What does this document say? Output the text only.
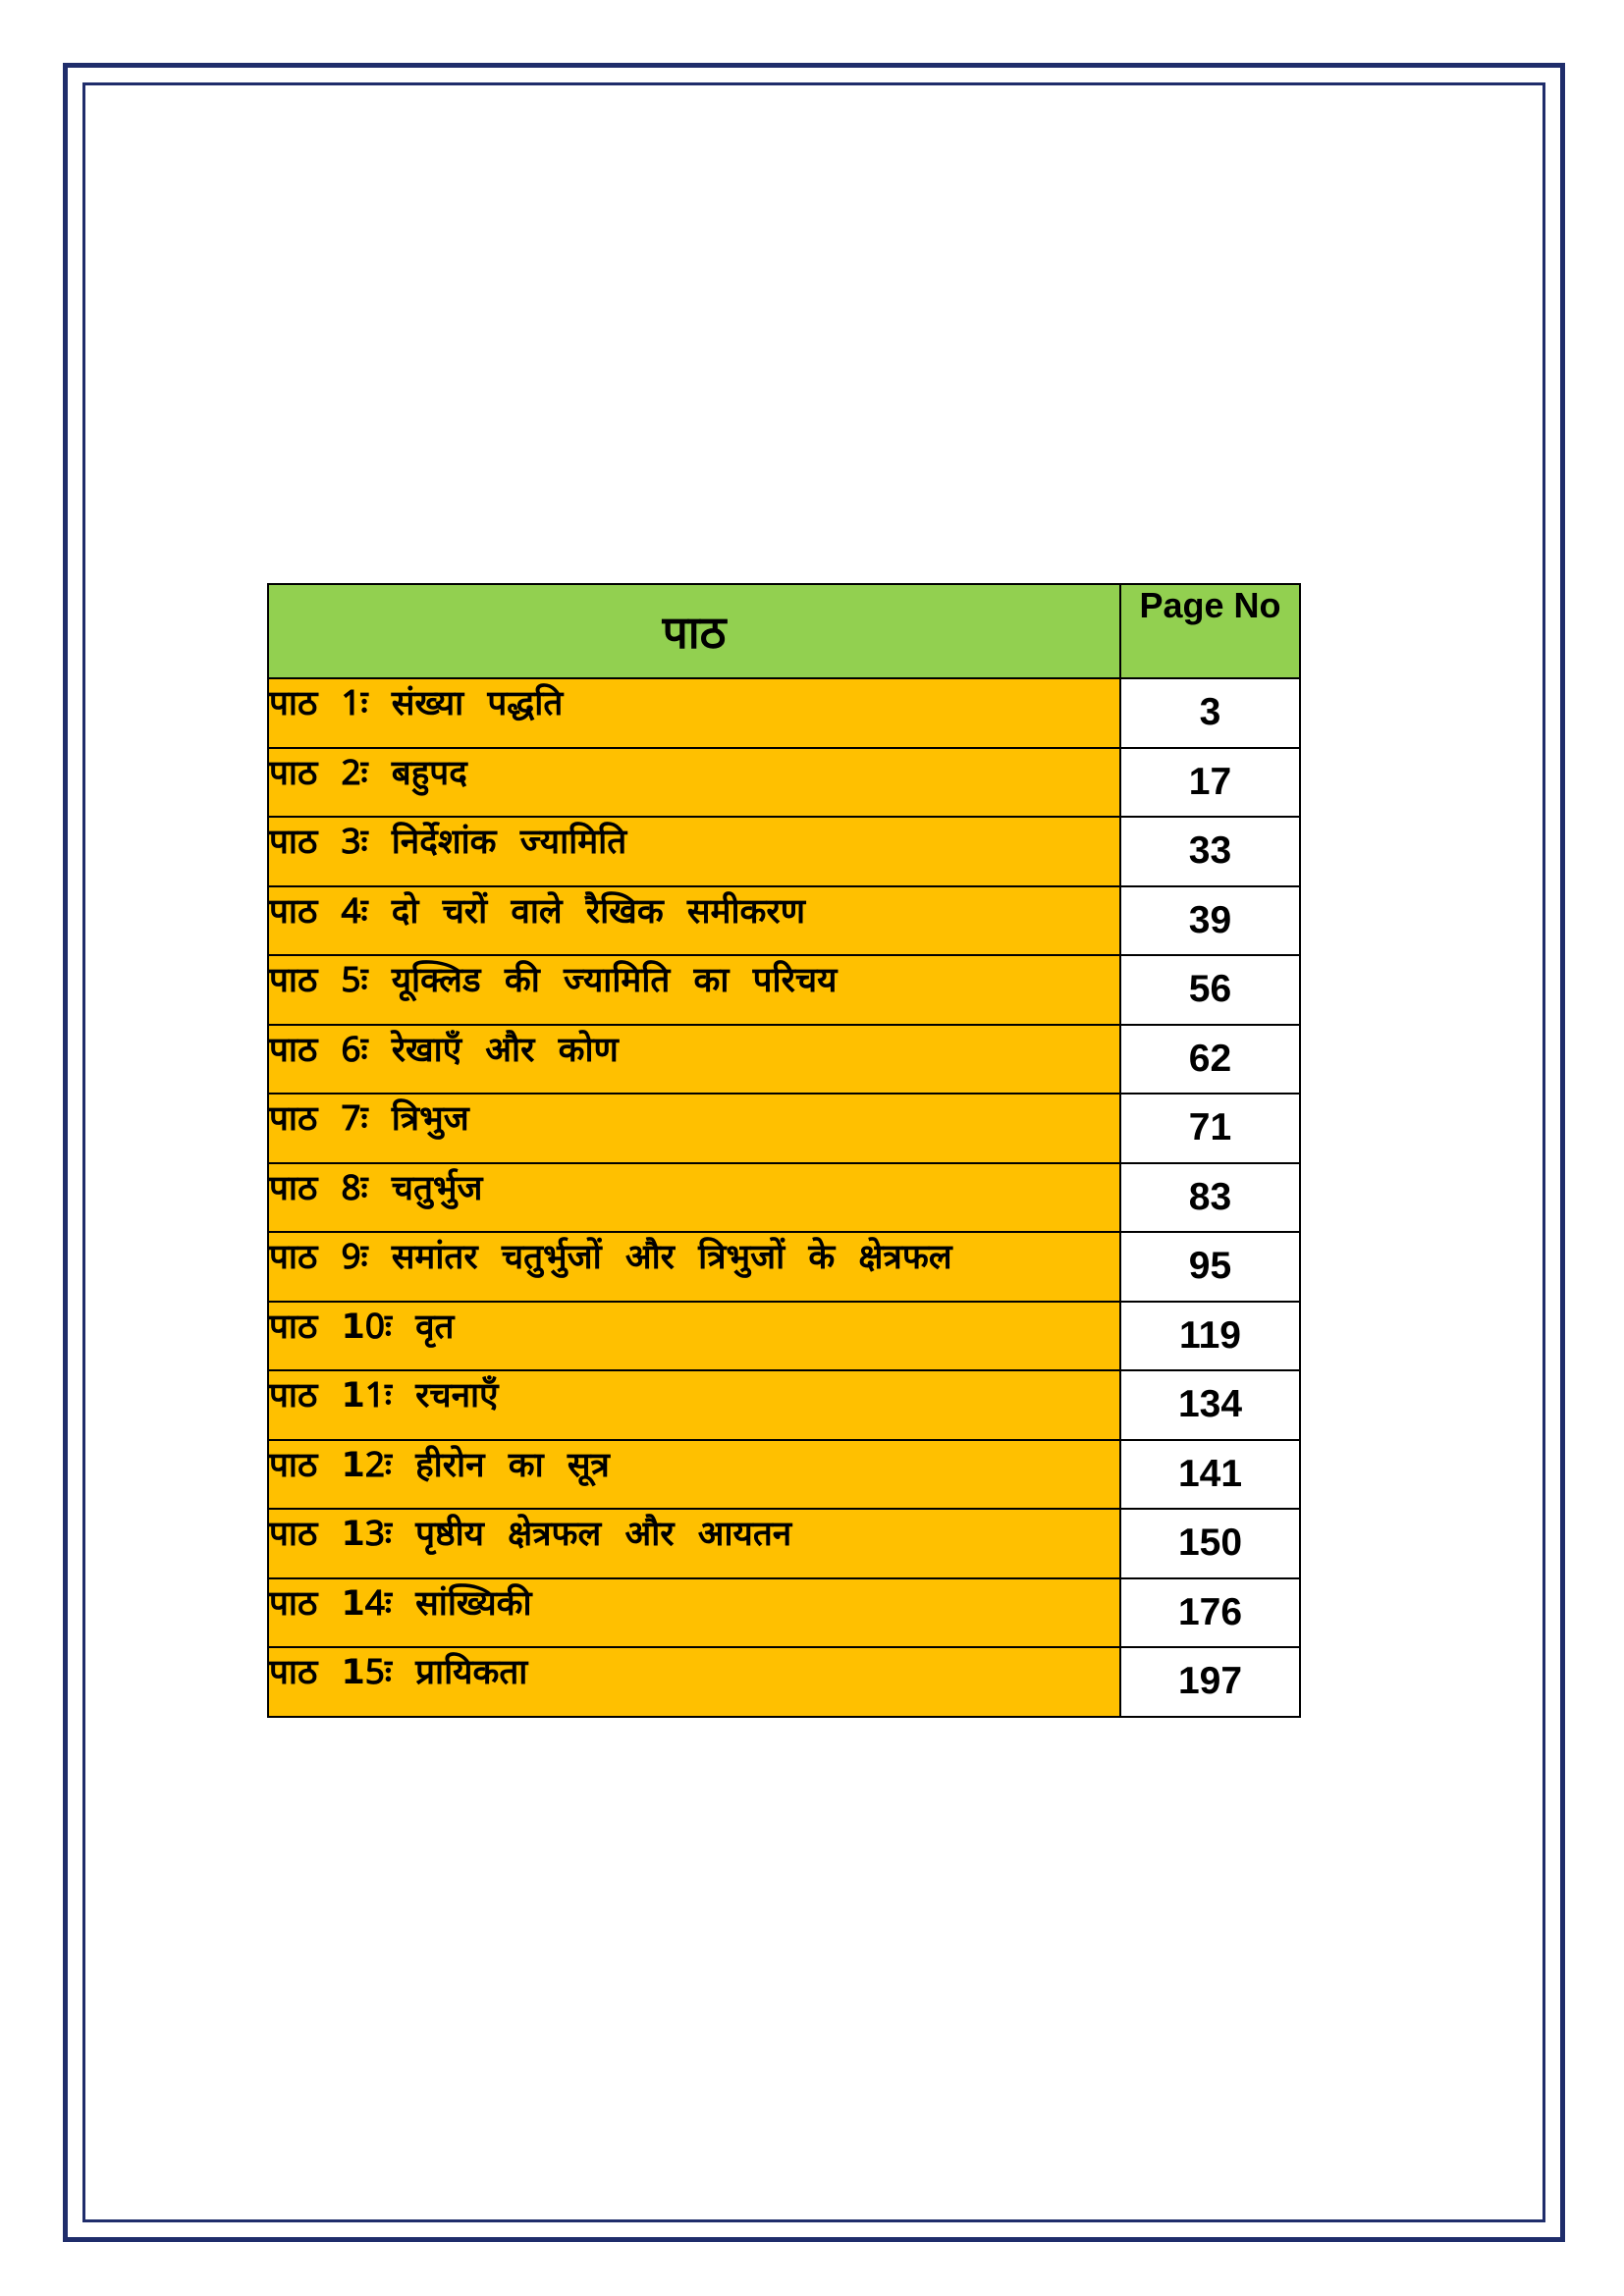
पाठ	Page No
पाठ 1ः संख्या पद्धति	3
पाठ 2ः बहुपद	17
पाठ 3ः निर्देशांक ज्यामिति	33
पाठ 4ः दो चरों वाले रैखिक समीकरण	39
पाठ 5ः यूक्लिड की ज्यामिति का परिचय	56
पाठ 6ः रेखाएँ और कोण	62
पाठ 7ः त्रिभुज	71
पाठ 8ः चतुर्भुज	83
पाठ 9ः समांतर चतुर्भुजों और त्रिभुजों के क्षेत्रफल	95
पाठ 10ः वृत	119
पाठ 11ः रचनाएँ	134
पाठ 12ः हीरोन का सूत्र	141
पाठ 13ः पृष्ठीय क्षेत्रफल और आयतन	150
पाठ 14ः सांख्यिकी	176
पाठ 15ः प्रायिकता	197
